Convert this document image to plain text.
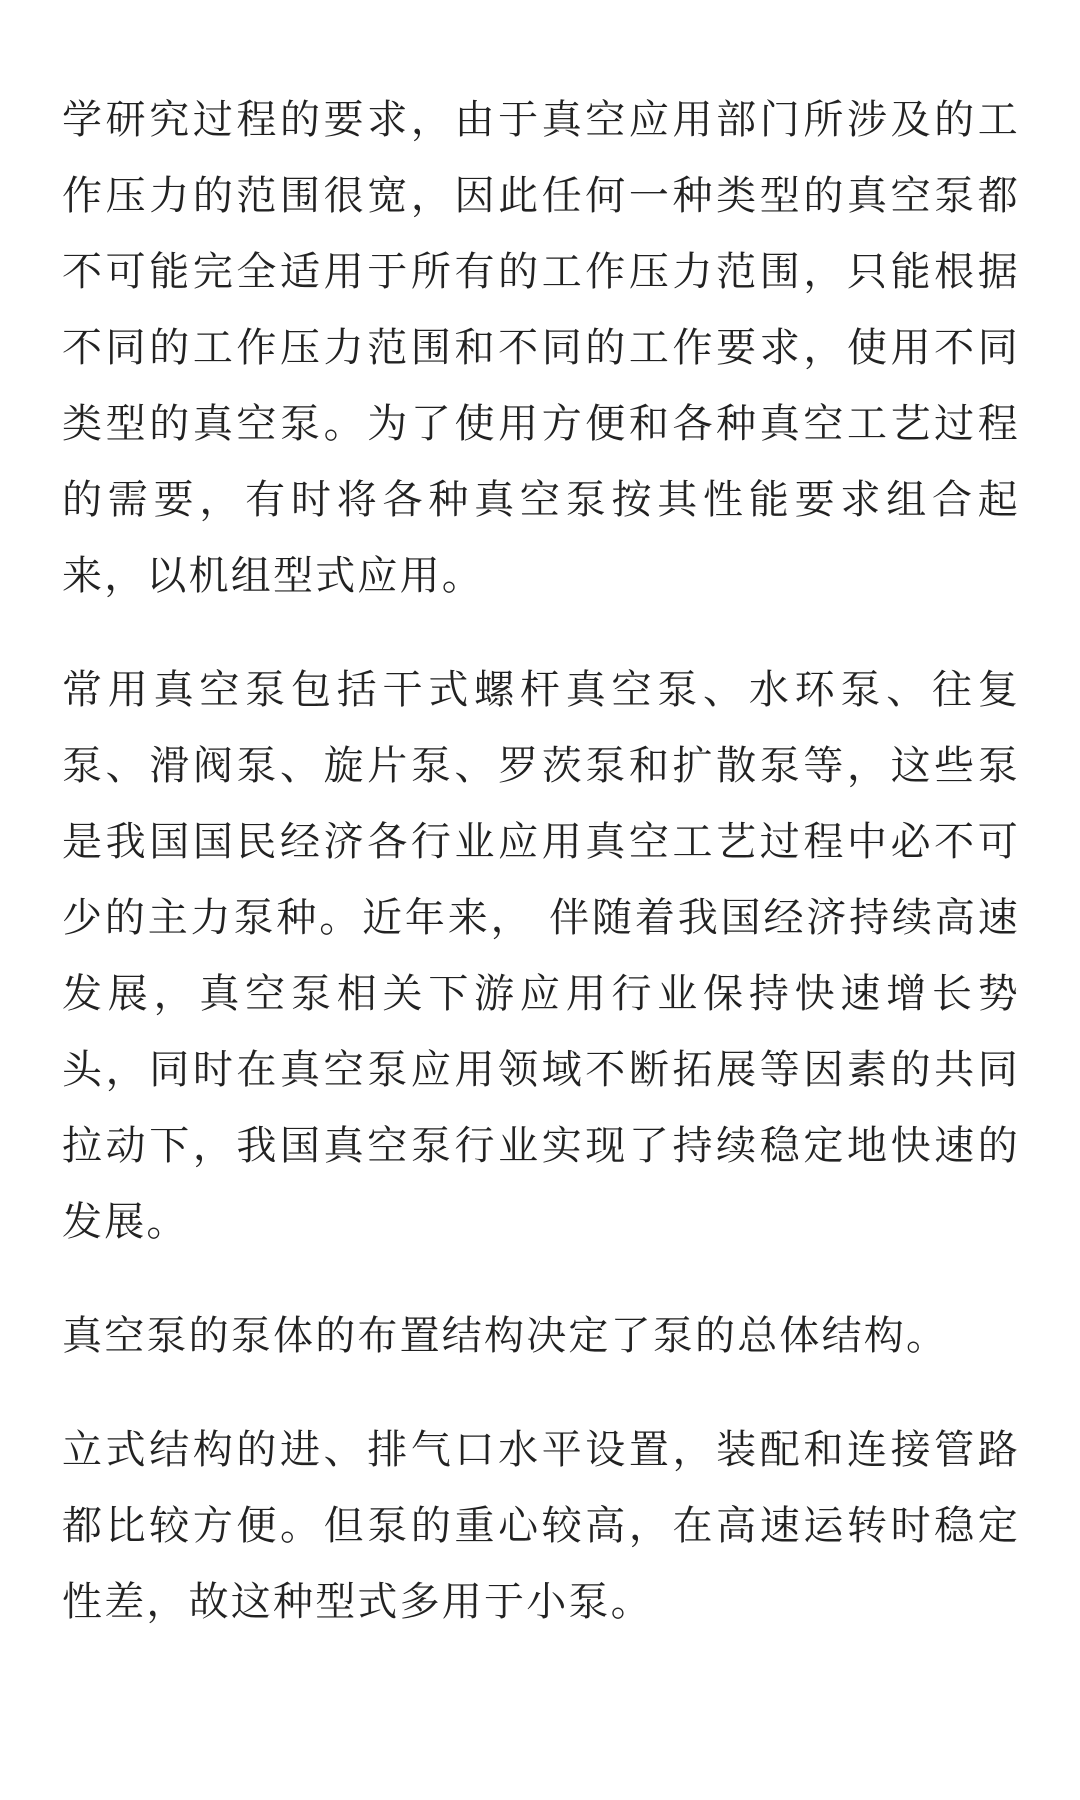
学研究过程的要求，由于真空应用部门所涉及的工作压力的范围很宽，因此任何一种类型的真空泵都不可能完全适用于所有的工作压力范围，只能根据不同的工作压力范围和不同的工作要求，使用不同类型的真空泵。为了使用方便和各种真空工艺过程的需要，有时将各种真空泵按其性能要求组合起来，以机组型式应用。

常用真空泵包括干式螺杆真空泵、水环泵、往复泵、滑阀泵、旋片泵、罗茨泵和扩散泵等，这些泵是我国国民经济各行业应用真空工艺过程中必不可少的主力泵种。近年来， 伴随着我国经济持续高速发展，真空泵相关下游应用行业保持快速增长势头，同时在真空泵应用领域不断拓展等因素的共同拉动下，我国真空泵行业实现了持续稳定地快速的发展。

真空泵的泵体的布置结构决定了泵的总体结构。

立式结构的进、排气口水平设置，装配和连接管路都比较方便。但泵的重心较高，在高速运转时稳定性差，故这种型式多用于小泵。
